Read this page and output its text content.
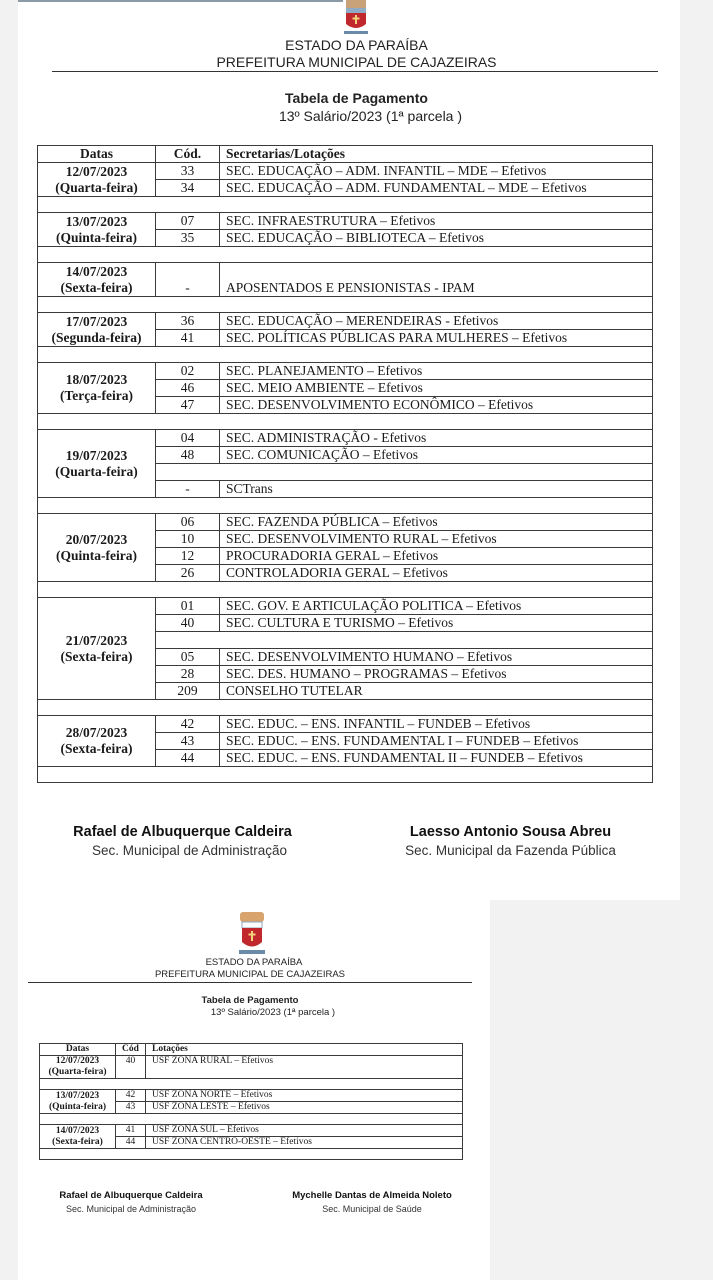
ESTADO DA PARAÍBA
PREFEITURA MUNICIPAL DE CAJAZEIRAS
Tabela de Pagamento
13º Salário/2023 (1ª parcela )
Datas	Cód.	Secretarias/Lotações

12/07/2023
(Quarta-feira)	33	SEC. EDUCAÇÃO – ADM. INFANTIL – MDE – Efetivos
	34	SEC. EDUCAÇÃO – ADM. FUNDAMENTAL – MDE – Efetivos

13/07/2023
(Quinta-feira)	07	SEC. INFRAESTRUTURA – Efetivos
	35	SEC. EDUCAÇÃO – BIBLIOTECA – Efetivos

14/07/2023
(Sexta-feira)	-	APOSENTADOS E PENSIONISTAS - IPAM

17/07/2023
(Segunda-feira)	36	SEC. EDUCAÇÃO – MERENDEIRAS - Efetivos
	41	SEC. POLÍTICAS PÚBLICAS PARA MULHERES – Efetivos

18/07/2023
(Terça-feira)	02	SEC. PLANEJAMENTO – Efetivos
	46	SEC. MEIO AMBIENTE – Efetivos
	47	SEC. DESENVOLVIMENTO ECONÔMICO – Efetivos

19/07/2023
(Quarta-feira)	04	SEC. ADMINISTRAÇÃO - Efetivos
	48	SEC. COMUNICAÇÃO – Efetivos

	-	SCTrans

20/07/2023
(Quinta-feira)	06	SEC. FAZENDA PÚBLICA – Efetivos
	10	SEC. DESENVOLVIMENTO RURAL – Efetivos
	12	PROCURADORIA GERAL – Efetivos
	26	CONTROLADORIA GERAL – Efetivos

21/07/2023
(Sexta-feira)	01	SEC. GOV. E ARTICULAÇÃO POLITICA – Efetivos
	40	SEC. CULTURA E TURISMO – Efetivos

	05	SEC. DESENVOLVIMENTO HUMANO – Efetivos
	28	SEC. DES. HUMANO – PROGRAMAS – Efetivos
	209	CONSELHO TUTELAR

28/07/2023
(Sexta-feira)	42	SEC. EDUC. – ENS. INFANTIL – FUNDEB – Efetivos
	43	SEC. EDUC. – ENS. FUNDAMENTAL I – FUNDEB – Efetivos
	44	SEC. EDUC. – ENS. FUNDAMENTAL II – FUNDEB – Efetivos

Rafael de Albuquerque Caldeira
Sec. Municipal de Administração
Laesso Antonio Sousa Abreu
Sec. Municipal da Fazenda Pública
ESTADO DA PARAÍBA
PREFEITURA MUNICIPAL DE CAJAZEIRAS
Tabela de Pagamento
13º Salário/2023 (1ª parcela )
Datas	Cód	Lotações

12/07/2023
(Quarta-feira)	40	USF ZONA RURAL – Efetivos

13/07/2023
(Quinta-feira)	42	USF ZONA NORTE – Efetivos
	43	USF ZONA LESTE – Efetivos

14/07/2023
(Sexta-feira)	41	USF ZONA SUL – Efetivos
	44	USF ZONA CENTRO-OESTE – Efetivos

Rafael de Albuquerque Caldeira
Sec. Municipal de Administração
Mychelle Dantas de Almeida Noleto
Sec. Municipal de Saúde
